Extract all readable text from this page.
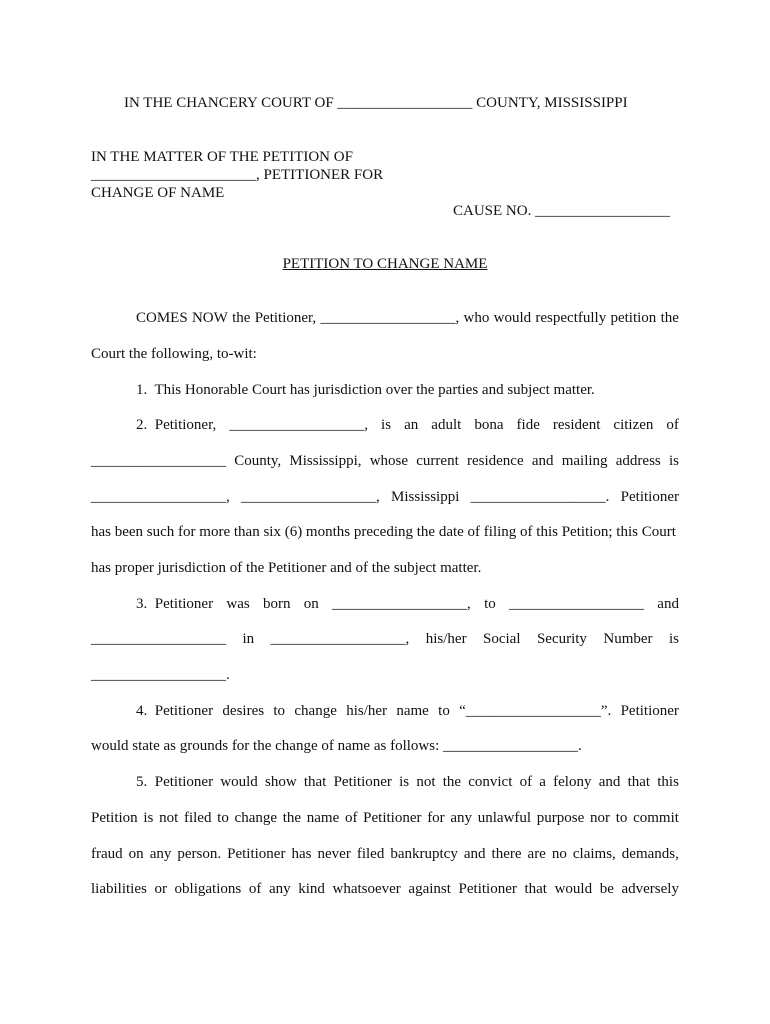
IN THE CHANCERY COURT OF __________________ COUNTY, MISSISSIPPI
IN THE MATTER OF THE PETITION OF
______________________, PETITIONER FOR
CHANGE OF NAME
CAUSE NO. __________________
PETITION TO CHANGE NAME
COMES NOW the Petitioner, __________________, who would respectfully petition the
Court the following, to-wit:
1.  This Honorable Court has jurisdiction over the parties and subject matter.
2.  Petitioner, __________________, is an adult bona fide resident citizen of
__________________ County, Mississippi, whose current residence and mailing address is
__________________, __________________, Mississippi __________________. Petitioner
has been such for more than six (6) months preceding the date of filing of this Petition; this Court
has proper jurisdiction of the Petitioner and of the subject matter.
3.  Petitioner was born on __________________, to __________________ and
__________________ in __________________, his/her Social Security Number is
__________________.
4.  Petitioner desires to change his/her name to “__________________”. Petitioner
would state as grounds for the change of name as follows: __________________.
5.  Petitioner would show that Petitioner is not the convict of a felony and that this
Petition is not filed to change the name of Petitioner for any unlawful purpose nor to commit
fraud on any person. Petitioner has never filed bankruptcy and there are no claims, demands,
liabilities or obligations of any kind whatsoever against Petitioner that would be adversely
